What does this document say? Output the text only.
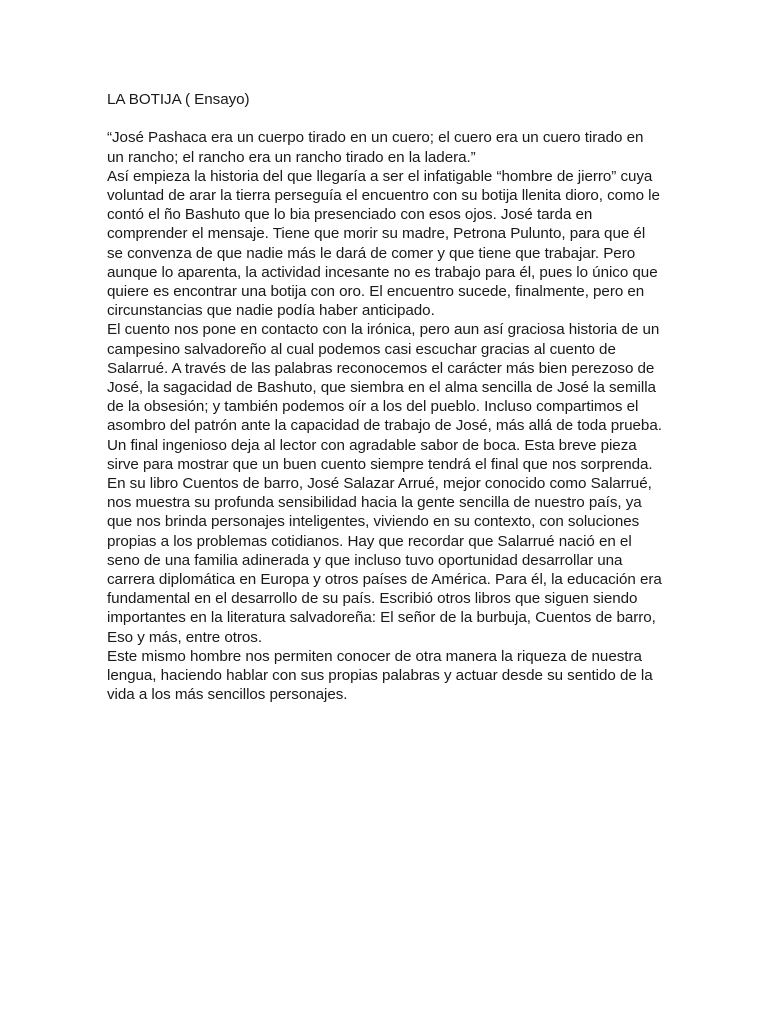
LA BOTIJA ( Ensayo)

“José Pashaca era un cuerpo tirado en un cuero; el cuero era un cuero tirado en
un rancho; el rancho era un rancho tirado en la ladera.”

Así empieza la historia del que llegaría a ser el infatigable “hombre de jierro” cuya
voluntad de arar la tierra perseguía el encuentro con su botija llenita dioro, como le
contó el ño Bashuto que lo bia presenciado con esos ojos. José tarda en
comprender el mensaje. Tiene que morir su madre, Petrona Pulunto, para que él
se convenza de que nadie más le dará de comer y que tiene que trabajar. Pero
aunque lo aparenta, la actividad incesante no es trabajo para él, pues lo único que
quiere es encontrar una botija con oro. El encuentro sucede, finalmente, pero en
circunstancias que nadie podía haber anticipado.

El cuento nos pone en contacto con la irónica, pero aun así graciosa historia de un
campesino salvadoreño al cual podemos casi escuchar gracias al cuento de
Salarrué. A través de las palabras reconocemos el carácter más bien perezoso de
José, la sagacidad de Bashuto, que siembra en el alma sencilla de José la semilla
de la obsesión; y también podemos oír a los del pueblo. Incluso compartimos el
asombro del patrón ante la capacidad de trabajo de José, más allá de toda prueba.
Un final ingenioso deja al lector con agradable sabor de boca. Esta breve pieza
sirve para mostrar que un buen cuento siempre tendrá el final que nos sorprenda.

En su libro Cuentos de barro, José Salazar Arrué, mejor conocido como Salarrué,
nos muestra su profunda sensibilidad hacia la gente sencilla de nuestro país, ya
que nos brinda personajes inteligentes, viviendo en su contexto, con soluciones
propias a los problemas cotidianos. Hay que recordar que Salarrué nació en el
seno de una familia adinerada y que incluso tuvo oportunidad desarrollar una
carrera diplomática en Europa y otros países de América. Para él, la educación era
fundamental en el desarrollo de su país. Escribió otros libros que siguen siendo
importantes en la literatura salvadoreña: El señor de la burbuja, Cuentos de barro,
Eso y más, entre otros.

Este mismo hombre nos permiten conocer de otra manera la riqueza de nuestra
lengua, haciendo hablar con sus propias palabras y actuar desde su sentido de la
vida a los más sencillos personajes.
